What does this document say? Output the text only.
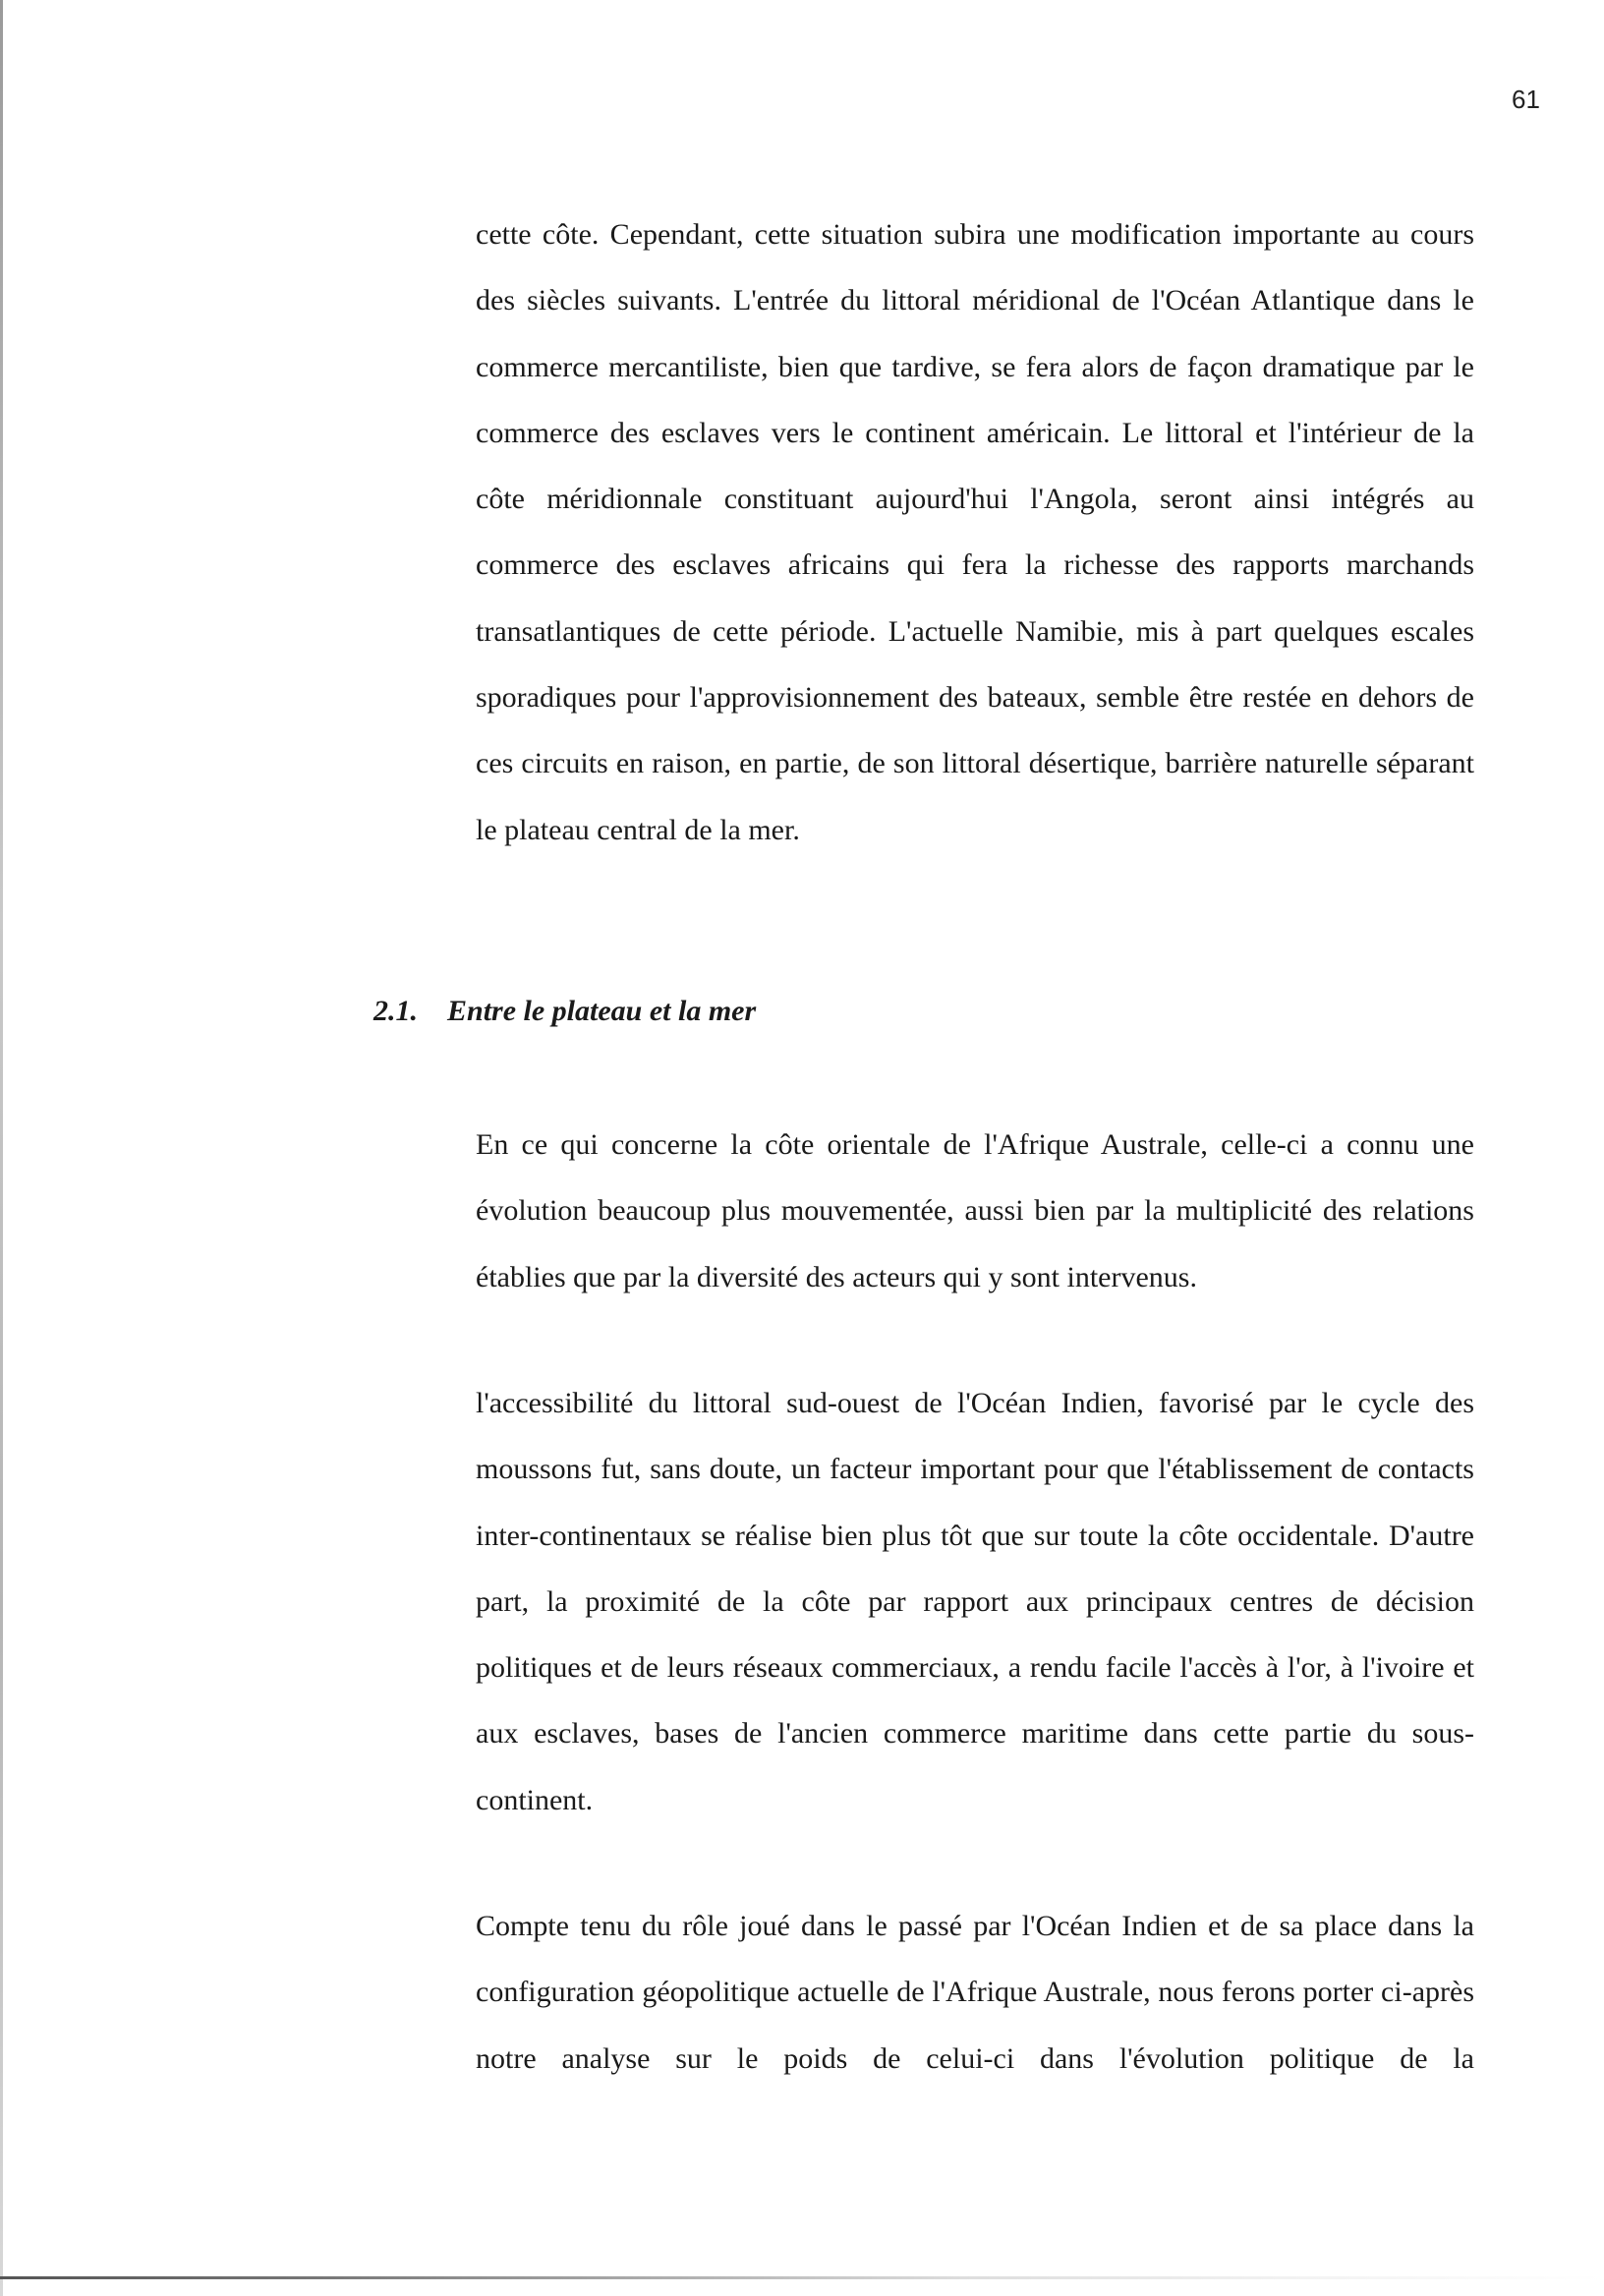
61

cette côte. Cependant, cette situation subira une modification importante au cours des siècles suivants. L'entrée du littoral méridional de l'Océan Atlantique dans le commerce mercantiliste, bien que tardive, se fera alors de façon dramatique par le commerce des esclaves vers le continent américain. Le littoral et l'intérieur de la côte méridionnale constituant aujourd'hui l'Angola, seront ainsi intégrés au commerce des esclaves africains qui fera la richesse des rapports marchands transatlantiques de cette période. L'actuelle Namibie, mis à part quelques escales sporadiques pour l'approvisionnement des bateaux, semble être restée en dehors de ces circuits en raison, en partie, de son littoral désertique, barrière naturelle séparant le plateau central de la mer.

2.1. Entre le plateau et la mer

En ce qui concerne la côte orientale de l'Afrique Australe, celle-ci a connu une évolution beaucoup plus mouvementée, aussi bien par la multiplicité des relations établies que par la diversité des acteurs qui y sont intervenus.

l'accessibilité du littoral sud-ouest de l'Océan Indien, favorisé par le cycle des moussons fut, sans doute, un facteur important pour que l'établissement de contacts inter-continentaux se réalise bien plus tôt que sur toute la côte occidentale. D'autre part, la proximité de la côte par rapport aux principaux centres de décision politiques et de leurs réseaux commerciaux, a rendu facile l'accès à l'or, à l'ivoire et aux esclaves, bases de l'ancien commerce maritime dans cette partie du sous-continent.

Compte tenu du rôle joué dans le passé par l'Océan Indien et de sa place dans la configuration géopolitique actuelle de l'Afrique Australe, nous ferons porter ci-après notre analyse sur le poids de celui-ci dans l'évolution politique de la
